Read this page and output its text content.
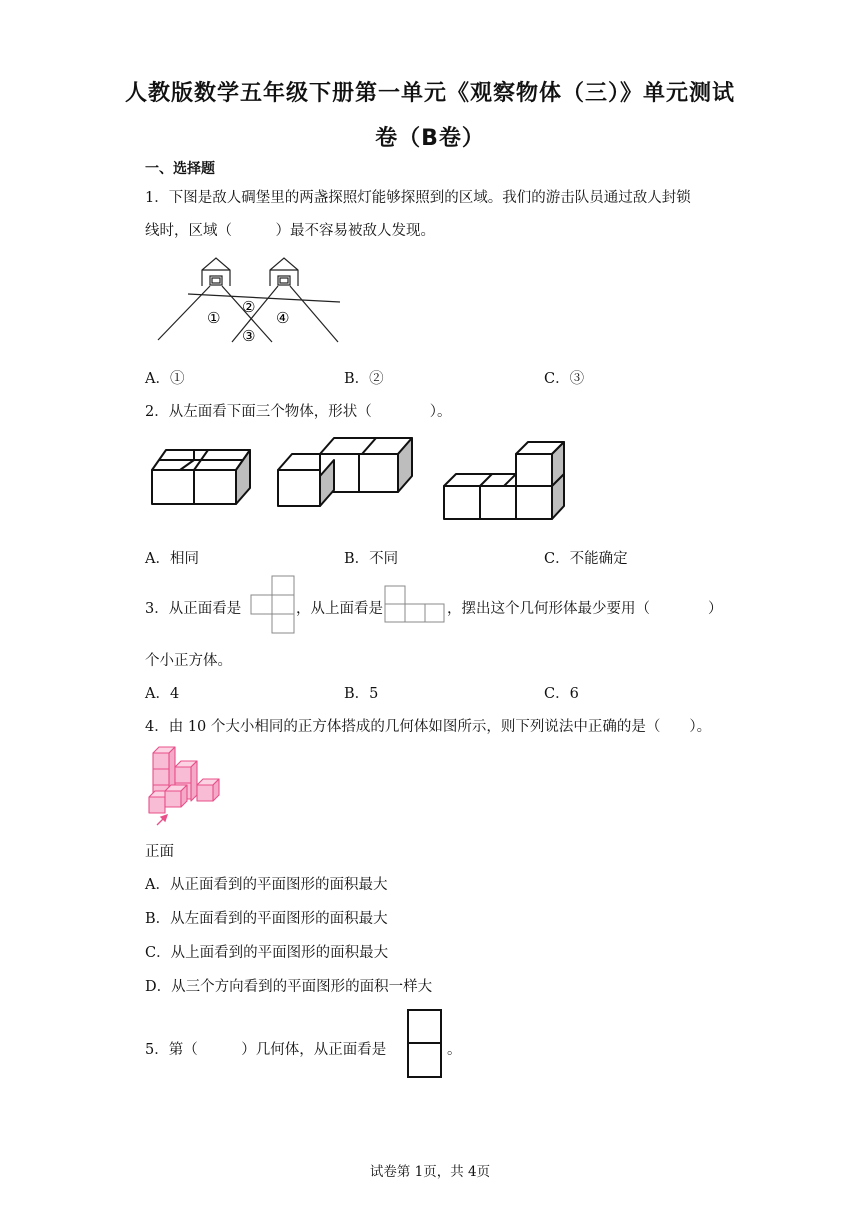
人教版数学五年级下册第一单元《观察物体（三）》单元测试
卷（B卷）
一、选择题
1．下图是敌人碉堡里的两盏探照灯能够探照到的区域。我们的游击队员通过敌人封锁
线时，区域（　　　）最不容易被敌人发现。
①
②
③
④
A．①	B．②	C．③
2．从左面看下面三个物体，形状（　　　　）。
A．相同	B．不同	C．不能确定
3．从正面看是	，从上面看是	，摆出这个几何形体最少要用（　　　　）
个小正方体。
A．4	B．5	C．6
4．由 10 个大小相同的正方体搭成的几何体如图所示，则下列说法中正确的是（　　）。
正面
A．从正面看到的平面图形的面积最大
B．从左面看到的平面图形的面积最大
C．从上面看到的平面图形的面积最大
D．从三个方向看到的平面图形的面积一样大
5．第（　　　）几何体，从正面看是	。
试卷第 1页，共 4页
